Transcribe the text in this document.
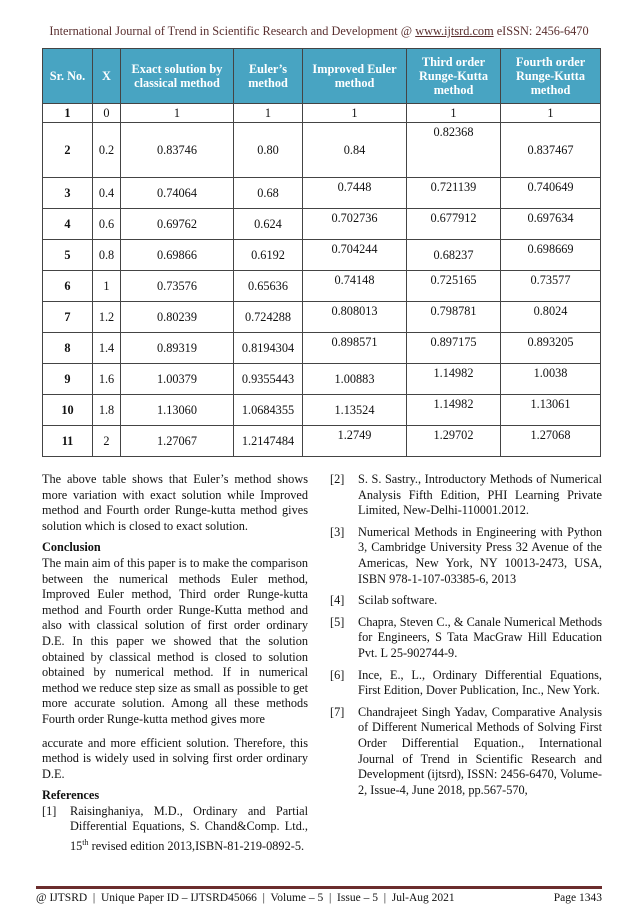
International Journal of Trend in Scientific Research and Development @ www.ijtsrd.com eISSN: 2456-6470
Sr. No.	X	Exact solution by classical method	Euler’s method	Improved Euler method	Third order Runge-Kutta method	Fourth order Runge-Kutta method
1	0	1	1	1	1	1
2	0.2	0.83746	0.80	0.84	0.82368	0.837467
3	0.4	0.74064	0.68	0.7448	0.721139	0.740649
4	0.6	0.69762	0.624	0.702736	0.677912	0.697634
5	0.8	0.69866	0.6192	0.704244	0.68237	0.698669
6	1	0.73576	0.65636	0.74148	0.725165	0.73577
7	1.2	0.80239	0.724288	0.808013	0.798781	0.8024
8	1.4	0.89319	0.8194304	0.898571	0.897175	0.893205
9	1.6	1.00379	0.9355443	1.00883	1.14982	1.0038
10	1.8	1.13060	1.0684355	1.13524	1.14982	1.13061
11	2	1.27067	1.2147484	1.2749	1.29702	1.27068

The above table shows that Euler’s method shows more variation with exact solution while Improved method and Fourth order Runge-kutta method gives solution which is closed to exact solution.

Conclusion

The main aim of this paper is to make the comparison between the numerical methods Euler method, Improved Euler method, Third order Runge-kutta method and Fourth order Runge-Kutta method and also with classical solution of first order ordinary D.E. In this paper we showed that the solution obtained by classical method is closed to solution obtained by numerical method. If in numerical method we reduce step size as small as possible to get more accurate solution. Among all these methods Fourth order Runge-kutta method gives more

accurate and more efficient solution. Therefore, this method is widely used in solving first order ordinary D.E.

References
[1]	Raisinghaniya, M.D., Ordinary and Partial Differential Equations, S. Chand&Comp. Ltd., 15th revised edition 2013,ISBN-81-219-0892-5.
[2]	S. S. Sastry., Introductory Methods of Numerical Analysis Fifth Edition, PHI Learning Private Limited, New-Delhi-110001.2012.
[3]	Numerical Methods in Engineering with Python 3, Cambridge University Press 32 Avenue of the Americas, New York, NY 10013-2473, USA, ISBN 978-1-107-03385-6, 2013
[4]	Scilab software.
[5]	Chapra, Steven C., & Canale Numerical Methods for Engineers, S Tata MacGraw Hill Education Pvt. L 25-902744-9.
[6]	Ince, E., L., Ordinary Differential Equations, First Edition, Dover Publication, Inc., New York.
[7]	Chandrajeet Singh Yadav, Comparative Analysis of Different Numerical Methods of Solving First Order Differential Equation., International Journal of Trend in Scientific Research and Development (ijtsrd), ISSN: 2456-6470, Volume-2, Issue-4, June 2018, pp.567-570,
@ IJTSRD  |  Unique Paper ID – IJTSRD45066  |  Volume – 5  |  Issue – 5  |  Jul-Aug 2021	Page 1343
